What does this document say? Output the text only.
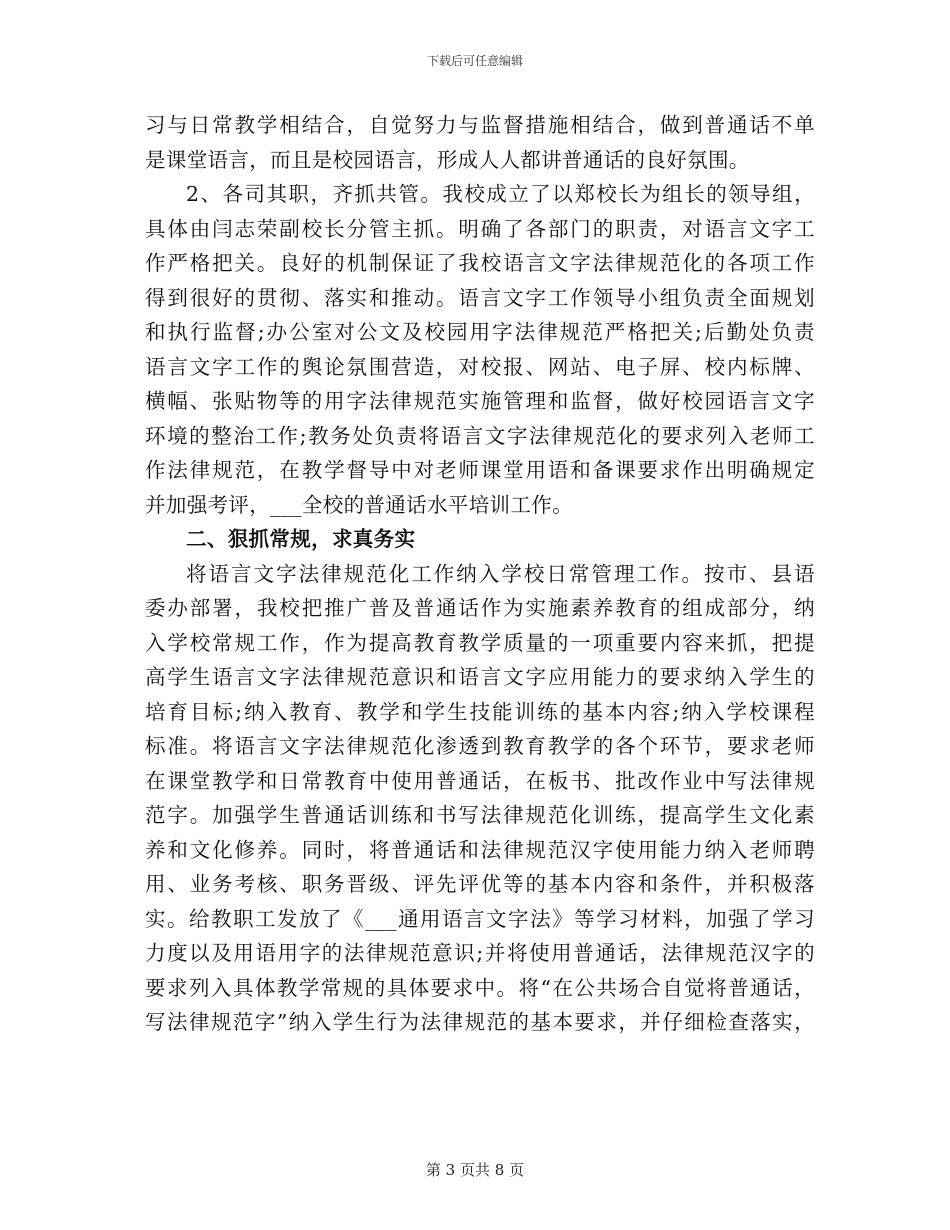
下载后可任意编辑
习与日常教学相结合，自觉努力与监督措施相结合，做到普通话不单
是课堂语言，而且是校园语言，形成人人都讲普通话的良好氛围。
2、各司其职，齐抓共管。我校成立了以郑校长为组长的领导组，
具体由闫志荣副校长分管主抓。明确了各部门的职责，对语言文字工
作严格把关。良好的机制保证了我校语言文字法律规范化的各项工作
得到很好的贯彻、落实和推动。语言文字工作领导小组负责全面规划
和执行监督;办公室对公文及校园用字法律规范严格把关;后勤处负责
语言文字工作的舆论氛围营造，对校报、网站、电子屏、校内标牌、
横幅、张贴物等的用字法律规范实施管理和监督，做好校园语言文字
环境的整治工作;教务处负责将语言文字法律规范化的要求列入老师工
作法律规范，在教学督导中对老师课堂用语和备课要求作出明确规定
并加强考评，___全校的普通话水平培训工作。
二、狠抓常规，求真务实
将语言文字法律规范化工作纳入学校日常管理工作。按市、县语
委办部署，我校把推广普及普通话作为实施素养教育的组成部分，纳
入学校常规工作，作为提高教育教学质量的一项重要内容来抓，把提
高学生语言文字法律规范意识和语言文字应用能力的要求纳入学生的
培育目标;纳入教育、教学和学生技能训练的基本内容;纳入学校课程
标准。将语言文字法律规范化渗透到教育教学的各个环节，要求老师
在课堂教学和日常教育中使用普通话，在板书、批改作业中写法律规
范字。加强学生普通话训练和书写法律规范化训练，提高学生文化素
养和文化修养。同时，将普通话和法律规范汉字使用能力纳入老师聘
用、业务考核、职务晋级、评先评优等的基本内容和条件，并积极落
实。给教职工发放了《___通用语言文字法》等学习材料，加强了学习
力度以及用语用字的法律规范意识;并将使用普通话，法律规范汉字的
要求列入具体教学常规的具体要求中。将“在公共场合自觉将普通话，
写法律规范字”纳入学生行为法律规范的基本要求，并仔细检查落实，
第 3 页共 8 页
